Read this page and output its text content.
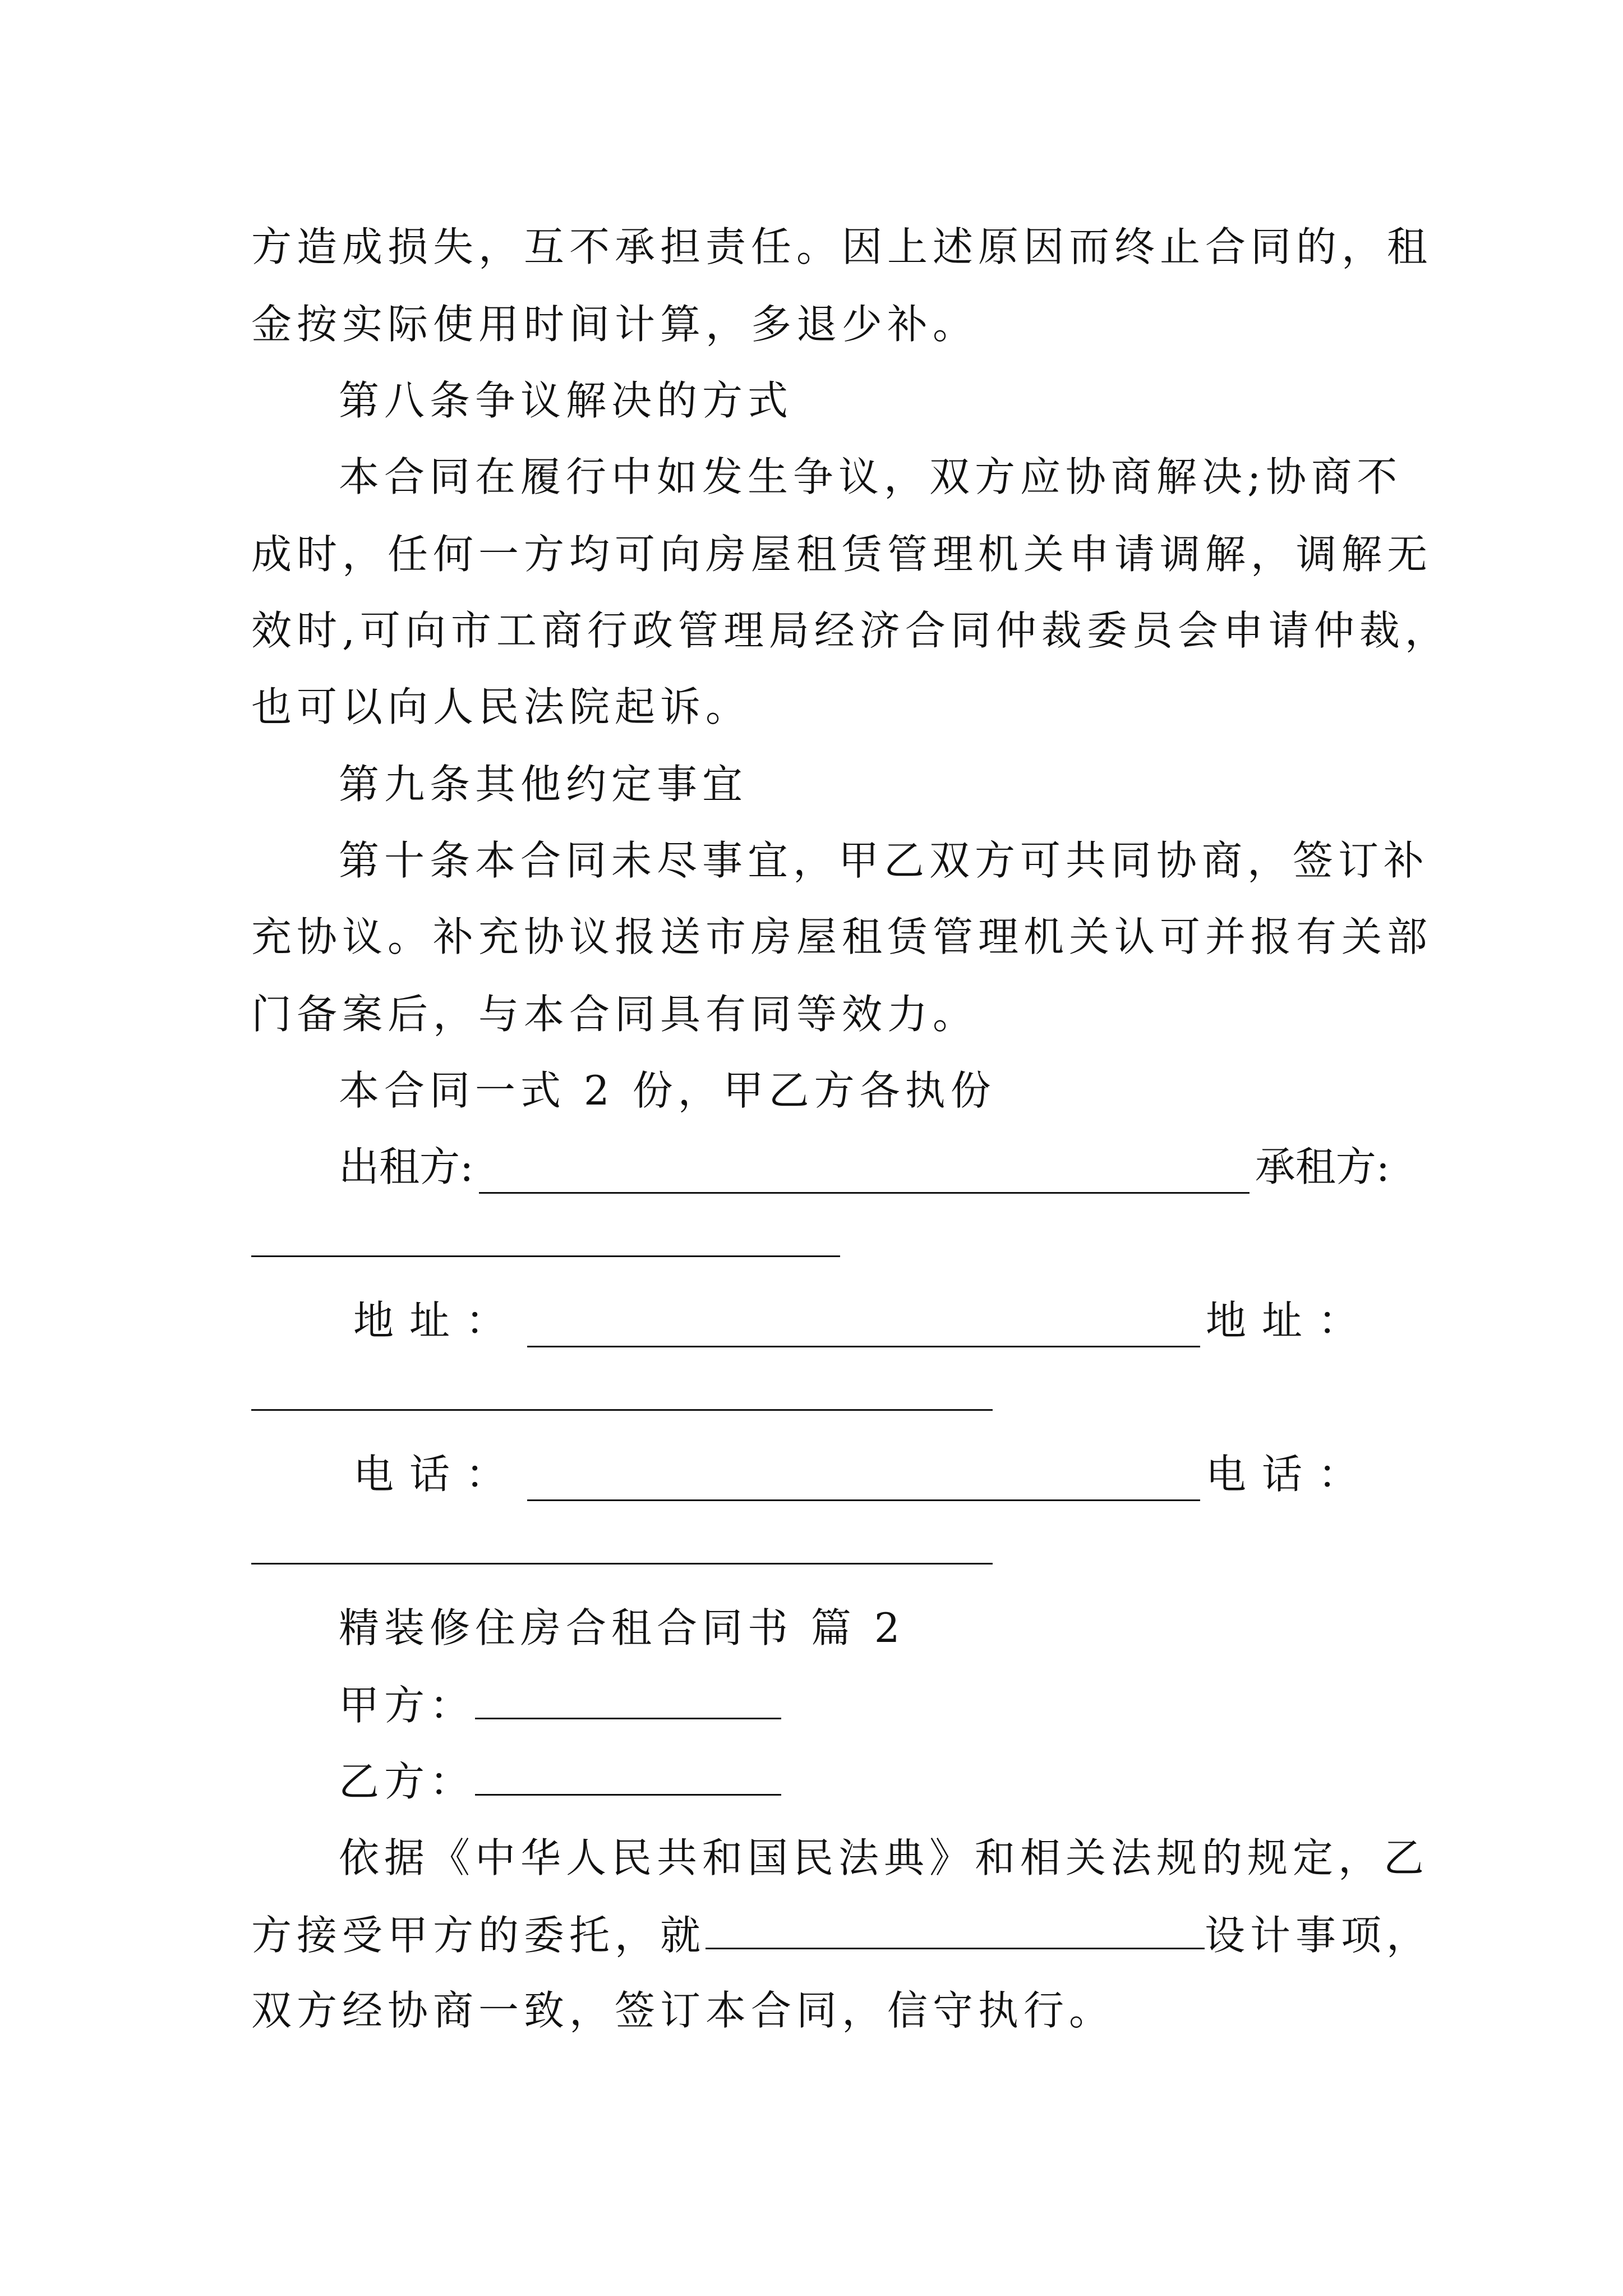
方造成损失，互不承担责任。因上述原因而终止合同的，租
金按实际使用时间计算，多退少补。
第八条争议解决的方式
本合同在履行中如发生争议，双方应协商解决;协商不
成时，任何一方均可向房屋租赁管理机关申请调解，调解无
效时,可向市工商行政管理局经济合同仲裁委员会申请仲裁，
也可以向人民法院起诉。
第九条其他约定事宜
第十条本合同未尽事宜，甲乙双方可共同协商，签订补
充协议。补充协议报送市房屋租赁管理机关认可并报有关部
门备案后，与本合同具有同等效力。
本合同一式 2 份，甲乙方各执份
出租方:	承租方:
地址：	地址：
电话：	电话：
精装修住房合租合同书 篇 2
甲方：
乙方：
依据《中华人民共和国民法典》和相关法规的规定，乙
方接受甲方的委托，就	设计事项，
双方经协商一致，签订本合同，信守执行。
